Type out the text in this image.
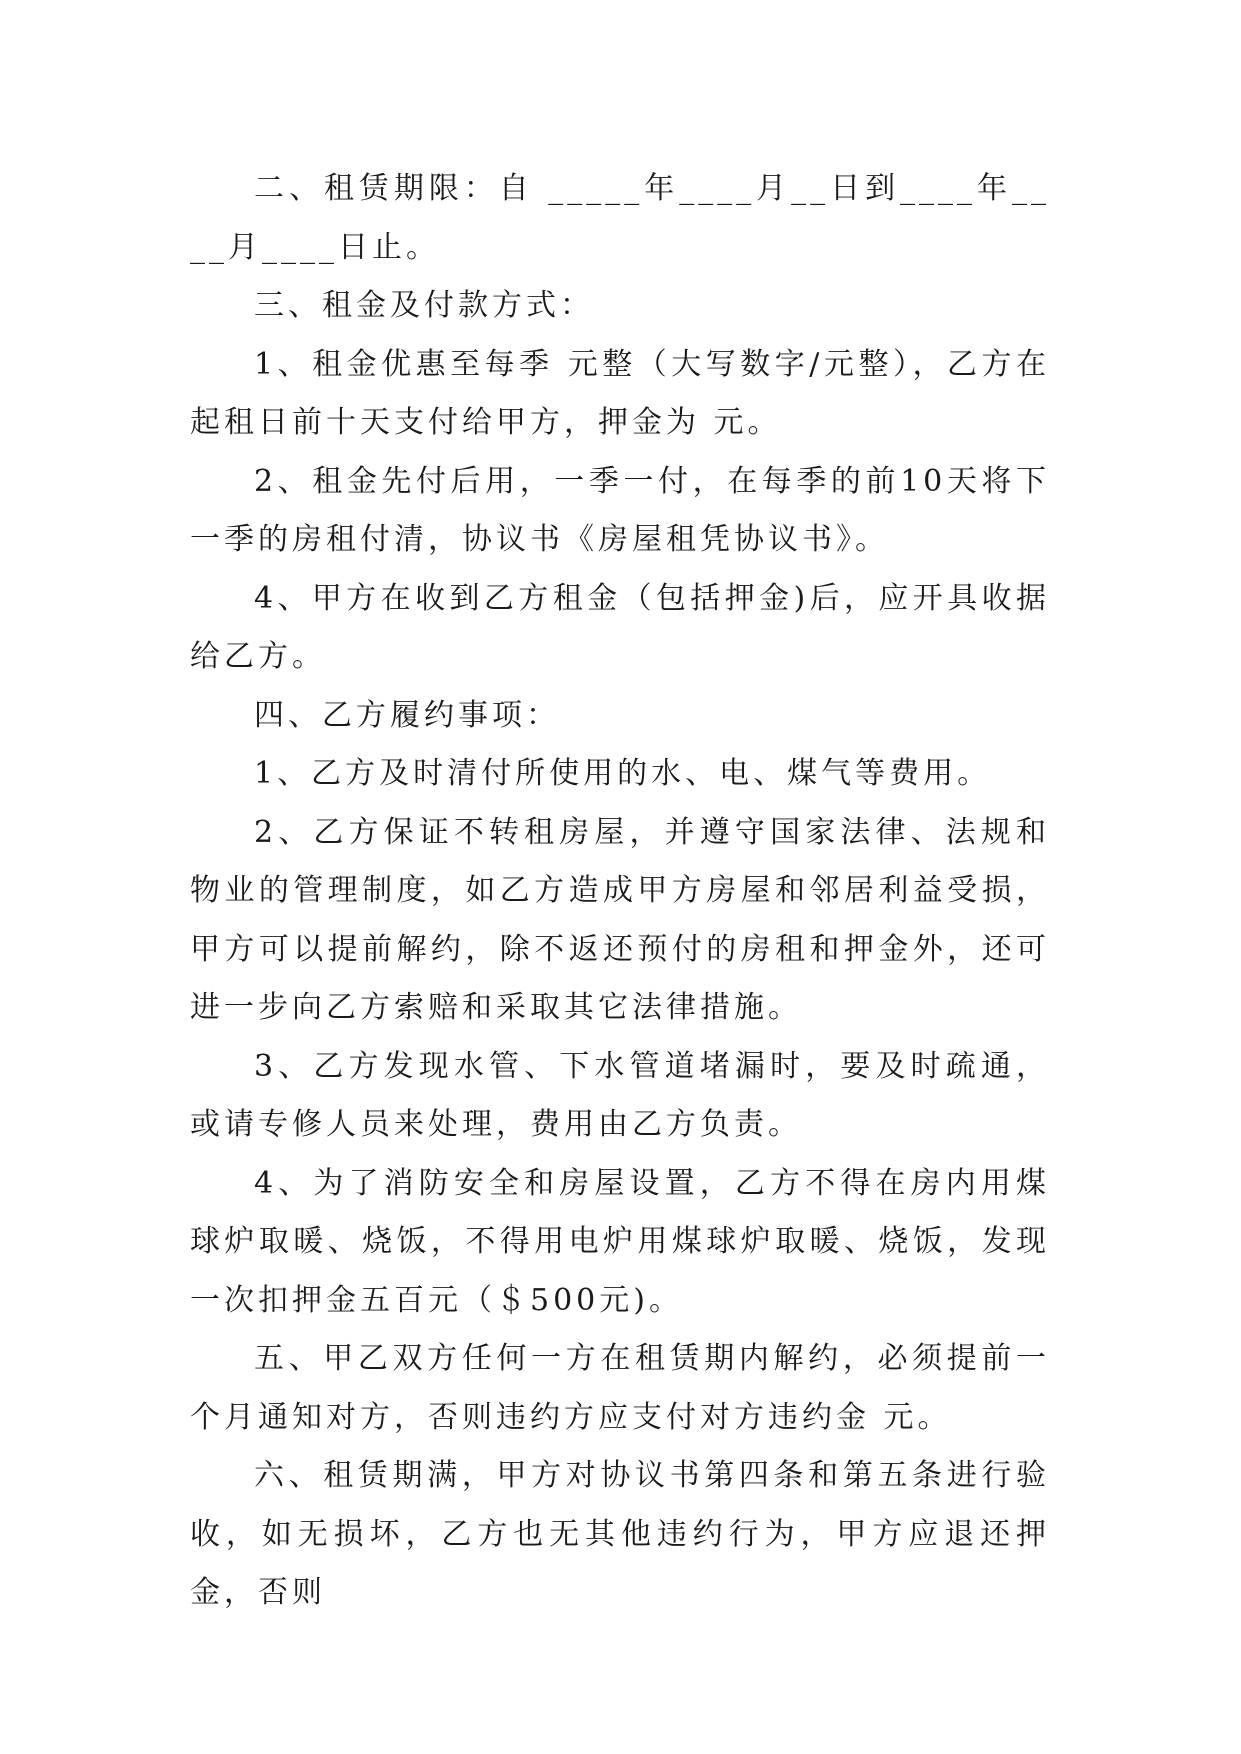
二、租赁期限：自 _____年____月__日到____年____月____日止。

三、租金及付款方式：

1、租金优惠至每季 元整（大写数字/元整），乙方在起租日前十天支付给甲方，押金为 元。

2、租金先付后用，一季一付，在每季的前10天将下一季的房租付清，协议书《房屋租凭协议书》。

4、甲方在收到乙方租金（包括押金)后，应开具收据给乙方。

四、乙方履约事项：

1、乙方及时清付所使用的水、电、煤气等费用。

2、乙方保证不转租房屋，并遵守国家法律、法规和物业的管理制度，如乙方造成甲方房屋和邻居利益受损，甲方可以提前解约，除不返还预付的房租和押金外，还可进一步向乙方索赔和采取其它法律措施。

3、乙方发现水管、下水管道堵漏时，要及时疏通，或请专修人员来处理，费用由乙方负责。

4、为了消防安全和房屋设置，乙方不得在房内用煤球炉取暖、烧饭，不得用电炉用煤球炉取暖、烧饭，发现一次扣押金五百元（＄500元)。

五、甲乙双方任何一方在租赁期内解约，必须提前一个月通知对方，否则违约方应支付对方违约金 元。

六、租赁期满，甲方对协议书第四条和第五条进行验收，如无损坏，乙方也无其他违约行为，甲方应退还押金，否则
